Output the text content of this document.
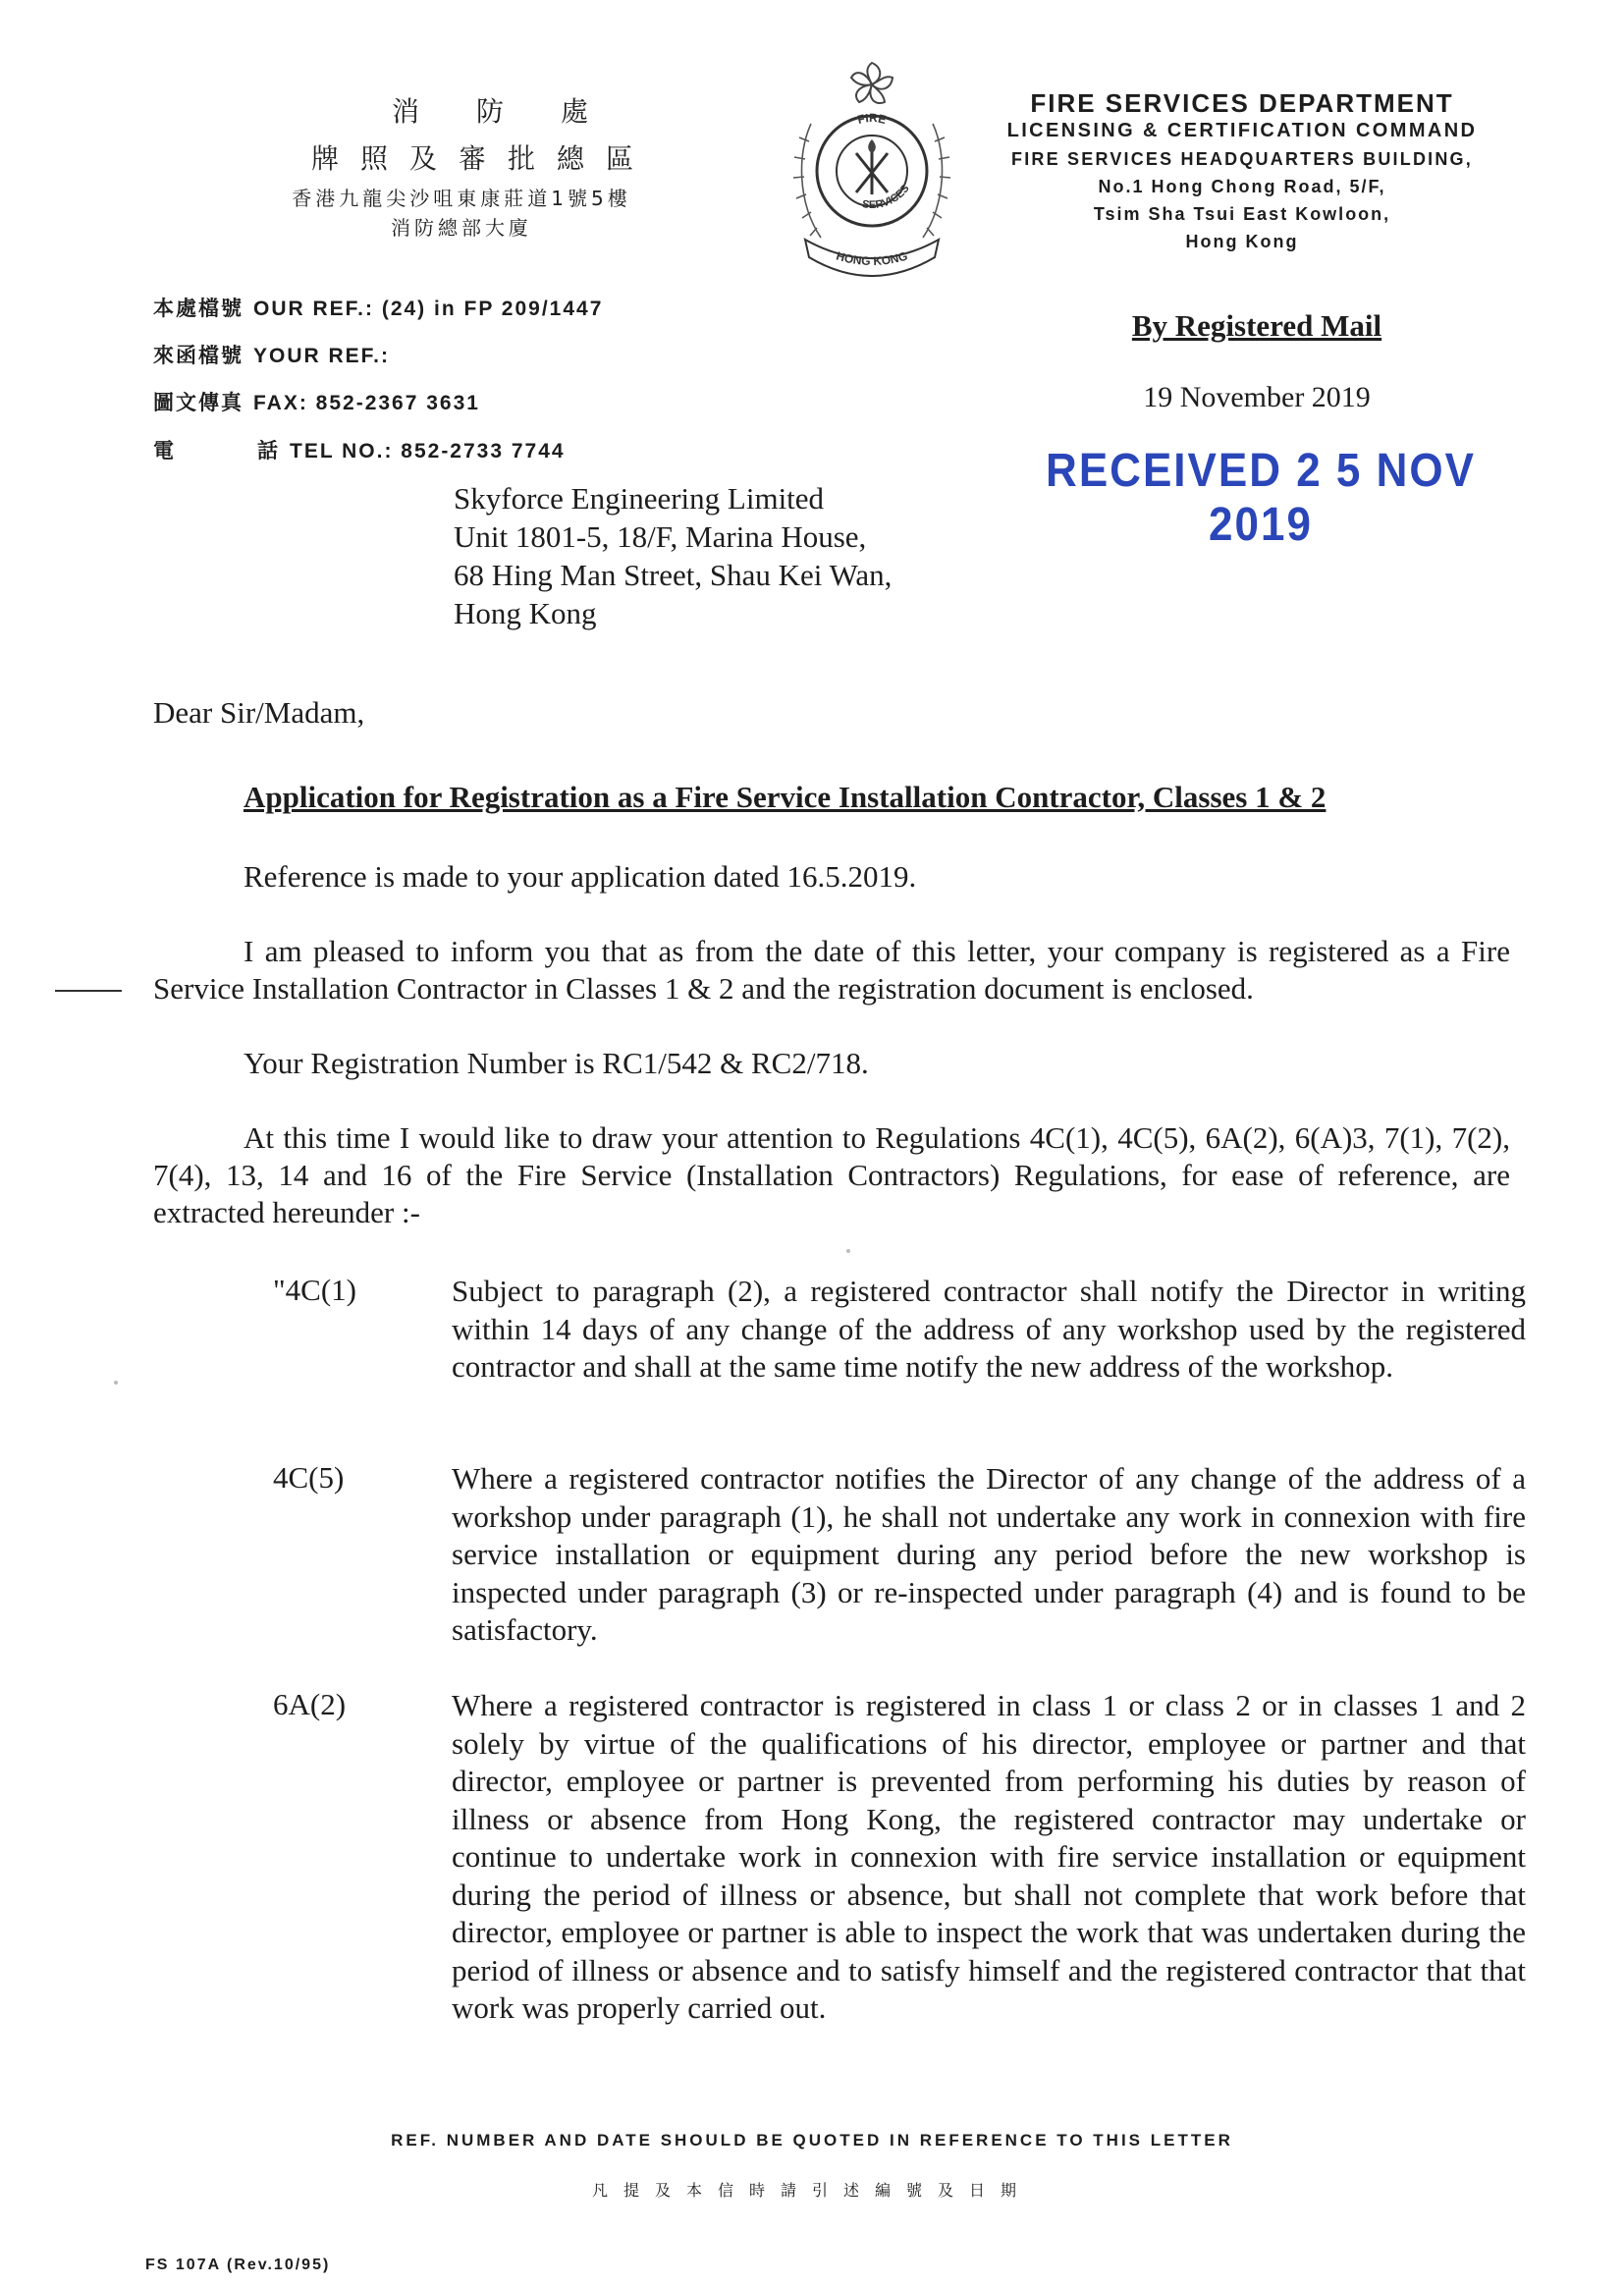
消防處
牌照及審批總區
香港九龍尖沙咀東康莊道1號5樓
消防總部大廈
FIRE
SERVICES
HONG KONG
FIRE SERVICES DEPARTMENT
LICENSING & CERTIFICATION COMMAND
FIRE SERVICES HEADQUARTERS BUILDING,
No.1 Hong Chong Road, 5/F,
Tsim Sha Tsui East Kowloon,
Hong Kong
本處檔號 OUR REF.: (24) in FP 209/1447
來函檔號 YOUR REF.:
圖文傳真 FAX: 852-2367 3631
電	話 TEL NO.: 852-2733 7744
By Registered Mail
19 November 2019
RECEIVED 2 5 NOV 2019
Skyforce Engineering Limited
Unit 1801-5, 18/F, Marina House,
68 Hing Man Street, Shau Kei Wan,
Hong Kong
Dear Sir/Madam,
Application for Registration as a Fire Service Installation Contractor, Classes 1 & 2
Reference is made to your application dated 16.5.2019.
I am pleased to inform you that as from the date of this letter, your company is registered as a Fire Service Installation Contractor in Classes 1 & 2 and the registration document is enclosed.
Your Registration Number is RC1/542 & RC2/718.
At this time I would like to draw your attention to Regulations 4C(1), 4C(5), 6A(2), 6(A)3, 7(1), 7(2), 7(4), 13, 14 and 16 of the Fire Service (Installation Contractors) Regulations, for ease of reference, are extracted hereunder :-
"4C(1)	Subject to paragraph (2), a registered contractor shall notify the Director in writing within 14 days of any change of the address of any workshop used by the registered contractor and shall at the same time notify the new address of the workshop.
4C(5)	Where a registered contractor notifies the Director of any change of the address of a workshop under paragraph (1), he shall not undertake any work in connexion with fire service installation or equipment during any period before the new workshop is inspected under paragraph (3) or re-inspected under paragraph (4) and is found to be satisfactory.
6A(2)	Where a registered contractor is registered in class 1 or class 2 or in classes 1 and 2 solely by virtue of the qualifications of his director, employee or partner and that director, employee or partner is prevented from performing his duties by reason of illness or absence from Hong Kong, the registered contractor may undertake or continue to undertake work in connexion with fire service installation or equipment during the period of illness or absence, but shall not complete that work before that director, employee or partner is able to inspect the work that was undertaken during the period of illness or absence and to satisfy himself and the registered contractor that that work was properly carried out.
REF. NUMBER AND DATE SHOULD BE QUOTED IN REFERENCE TO THIS LETTER
凡提及本信時請引述編號及日期
FS 107A (Rev.10/95)
